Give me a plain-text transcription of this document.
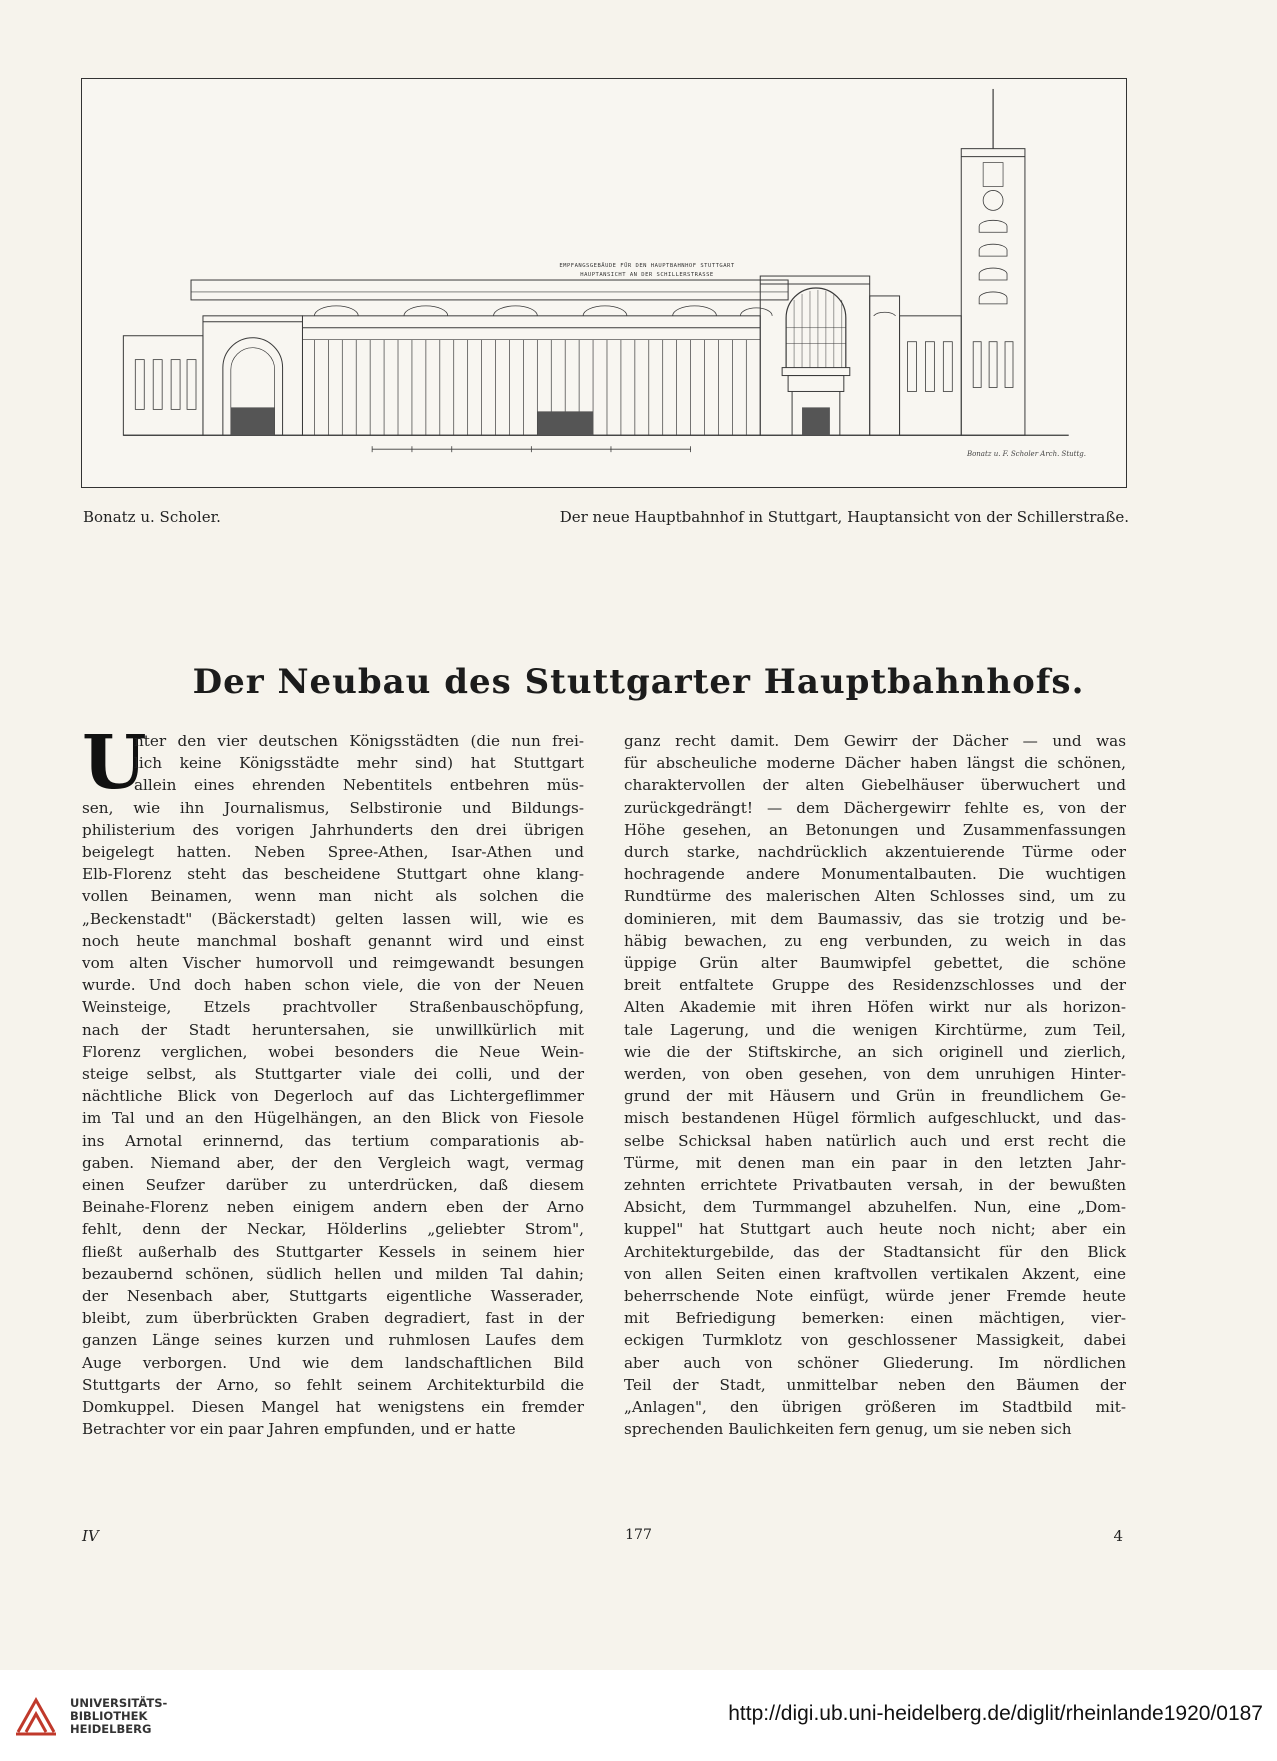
EMPFANGSGEBÄUDE FÜR DEN HAUPTBAHNHOF STUTTGART
HAUPTANSICHT AN DER SCHILLERSTRASSE
Bonatz u. F. Scholer Arch. Stuttg.
Bonatz u. Scholer.	Der neue Hauptbahnhof in Stuttgart, Hauptansicht von der Schillerstraße.
Der Neubau des Stuttgarter Hauptbahnhofs.
U
nter den vier deutschen Königsstädten (die nun frei-
lich keine Königsstädte mehr sind) hat Stuttgart
allein eines ehrenden Nebentitels entbehren müs-
sen, wie ihn Journalismus, Selbstironie und Bildungs-
philisterium des vorigen Jahrhunderts den drei übrigen
beigelegt hatten. Neben Spree-Athen, Isar-Athen und
Elb-Florenz steht das bescheidene Stuttgart ohne klang-
vollen Beinamen, wenn man nicht als solchen die
„Beckenstadt" (Bäckerstadt) gelten lassen will, wie es
noch heute manchmal boshaft genannt wird und einst
vom alten Vischer humorvoll und reimgewandt besungen
wurde. Und doch haben schon viele, die von der Neuen
Weinsteige, Etzels prachtvoller Straßenbauschöpfung,
nach der Stadt heruntersahen, sie unwillkürlich mit
Florenz verglichen, wobei besonders die Neue Wein-
steige selbst, als Stuttgarter viale dei colli, und der
nächtliche Blick von Degerloch auf das Lichtergeflimmer
im Tal und an den Hügelhängen, an den Blick von Fiesole
ins Arnotal erinnernd, das tertium comparationis ab-
gaben. Niemand aber, der den Vergleich wagt, vermag
einen Seufzer darüber zu unterdrücken, daß diesem
Beinahe-Florenz neben einigem andern eben der Arno
fehlt, denn der Neckar, Hölderlins „geliebter Strom",
fließt außerhalb des Stuttgarter Kessels in seinem hier
bezaubernd schönen, südlich hellen und milden Tal dahin;
der Nesenbach aber, Stuttgarts eigentliche Wasserader,
bleibt, zum überbrückten Graben degradiert, fast in der
ganzen Länge seines kurzen und ruhmlosen Laufes dem
Auge verborgen. Und wie dem landschaftlichen Bild
Stuttgarts der Arno, so fehlt seinem Architekturbild die
Domkuppel. Diesen Mangel hat wenigstens ein fremder
Betrachter vor ein paar Jahren empfunden, und er hatte
ganz recht damit. Dem Gewirr der Dächer — und was
für abscheuliche moderne Dächer haben längst die schönen,
charaktervollen der alten Giebelhäuser überwuchert und
zurückgedrängt! — dem Dächergewirr fehlte es, von der
Höhe gesehen, an Betonungen und Zusammenfassungen
durch starke, nachdrücklich akzentuierende Türme oder
hochragende andere Monumentalbauten. Die wuchtigen
Rundtürme des malerischen Alten Schlosses sind, um zu
dominieren, mit dem Baumassiv, das sie trotzig und be-
häbig bewachen, zu eng verbunden, zu weich in das
üppige Grün alter Baumwipfel gebettet, die schöne
breit entfaltete Gruppe des Residenzschlosses und der
Alten Akademie mit ihren Höfen wirkt nur als horizon-
tale Lagerung, und die wenigen Kirchtürme, zum Teil,
wie die der Stiftskirche, an sich originell und zierlich,
werden, von oben gesehen, von dem unruhigen Hinter-
grund der mit Häusern und Grün in freundlichem Ge-
misch bestandenen Hügel förmlich aufgeschluckt, und das-
selbe Schicksal haben natürlich auch und erst recht die
Türme, mit denen man ein paar in den letzten Jahr-
zehnten errichtete Privatbauten versah, in der bewußten
Absicht, dem Turmmangel abzuhelfen. Nun, eine „Dom-
kuppel" hat Stuttgart auch heute noch nicht; aber ein
Architekturgebilde, das der Stadtansicht für den Blick
von allen Seiten einen kraftvollen vertikalen Akzent, eine
beherrschende Note einfügt, würde jener Fremde heute
mit Befriedigung bemerken: einen mächtigen, vier-
eckigen Turmklotz von geschlossener Massigkeit, dabei
aber auch von schöner Gliederung. Im nördlichen
Teil der Stadt, unmittelbar neben den Bäumen der
„Anlagen", den übrigen größeren im Stadtbild mit-
sprechenden Baulichkeiten fern genug, um sie neben sich
IV	177	4
UNIVERSITÄTS-
BIBLIOTHEK
HEIDELBERG
http://digi.ub.uni-heidelberg.de/diglit/rheinlande1920/0187
